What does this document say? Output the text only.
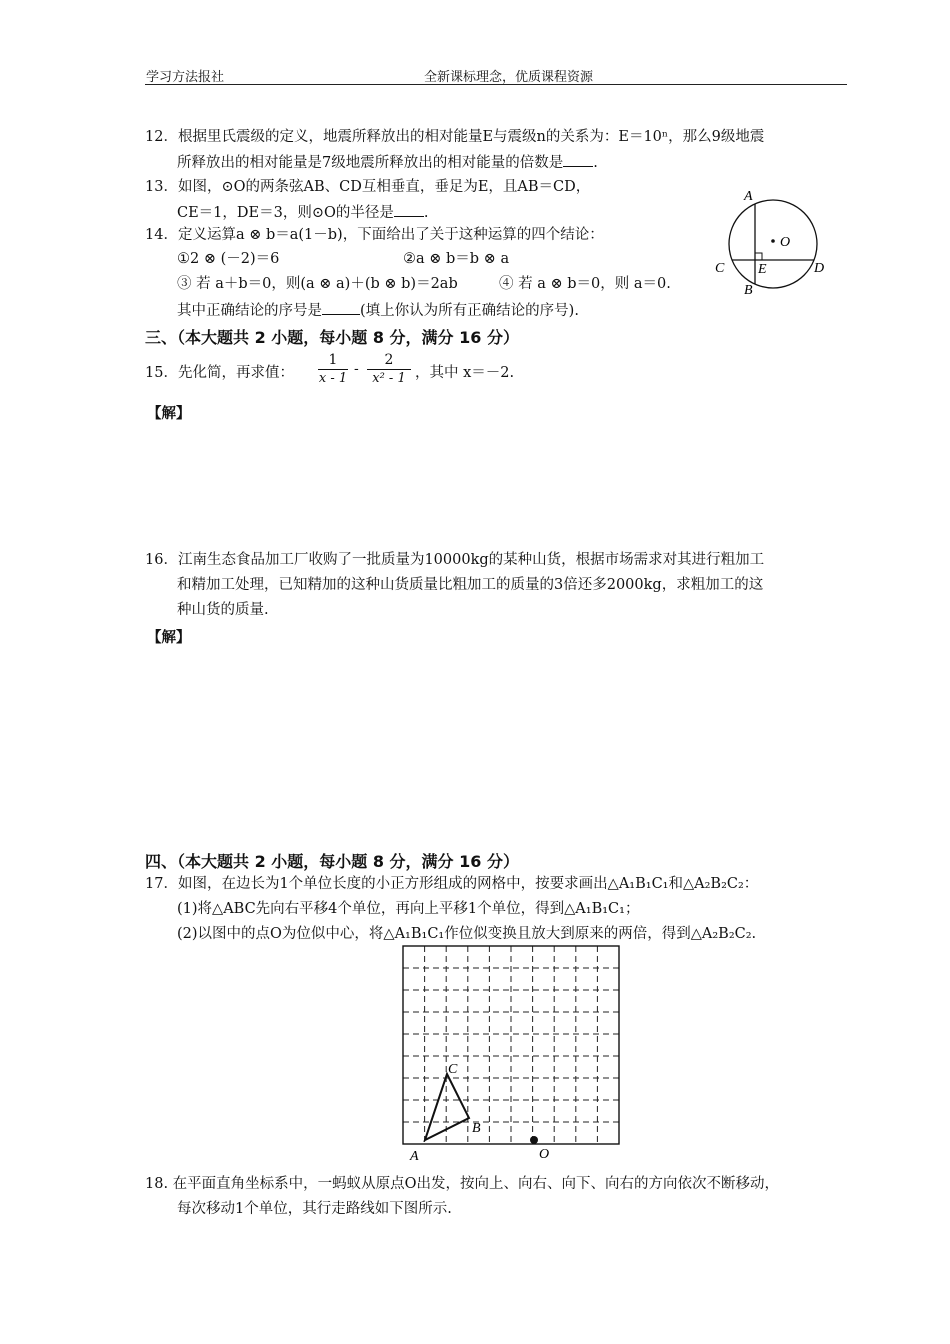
学习方法报社	全新课标理念，优质课程资源
12．根据里氏震级的定义，地震所释放出的相对能量E与震级n的关系为：E＝10ⁿ，那么9级地震
所释放出的相对能量是7级地震所释放出的相对能量的倍数是 .
13．如图，⊙O的两条弦AB、CD互相垂直，垂足为E，且AB＝CD，
CE＝1，DE＝3，则⊙O的半径是 .
14．定义运算a ⊗ b＝a(1－b)，下面给出了关于这种运算的四个结论：
①2 ⊗ (－2)＝6	②a ⊗ b＝b ⊗ a
③ 若 a＋b＝0，则(a ⊗ a)＋(b ⊗ b)＝2ab	④ 若 a ⊗ b＝0，则 a＝0.
其中正确结论的序号是	(填上你认为所有正确结论的序号).
A
O
C E	D
B
三、（本大题共 2 小题，每小题 8 分，满分 16 分）
15．先化简，再求值： $\frac{1}{x - 1} - \frac{2}{\text{x² - 1}}$ ，其中 x＝－2.
【解】
16．江南生态食品加工厂收购了一批质量为10000kg的某种山货，根据市场需求对其进行粗加工
和精加工处理，已知精加的这种山货质量比粗加工的质量的3倍还多2000kg，求粗加工的这
种山货的质量.
【解】
四、（本大题共 2 小题，每小题 8 分，满分 16 分）
17．如图，在边长为1个单位长度的小正方形组成的网格中，按要求画出△A₁B₁C₁和△A₂B₂C₂：
(1)将△ABC先向右平移4个单位，再向上平移1个单位，得到△A₁B₁C₁；
(2)以图中的点O为位似中心，将△A₁B₁C₁作位似变换且放大到原来的两倍，得到△A₂B₂C₂.
A
B
C
O
18. 在平面直角坐标系中，一蚂蚁从原点O出发，按向上、向右、向下、向右的方向依次不断移动，
每次移动1个单位，其行走路线如下图所示.
